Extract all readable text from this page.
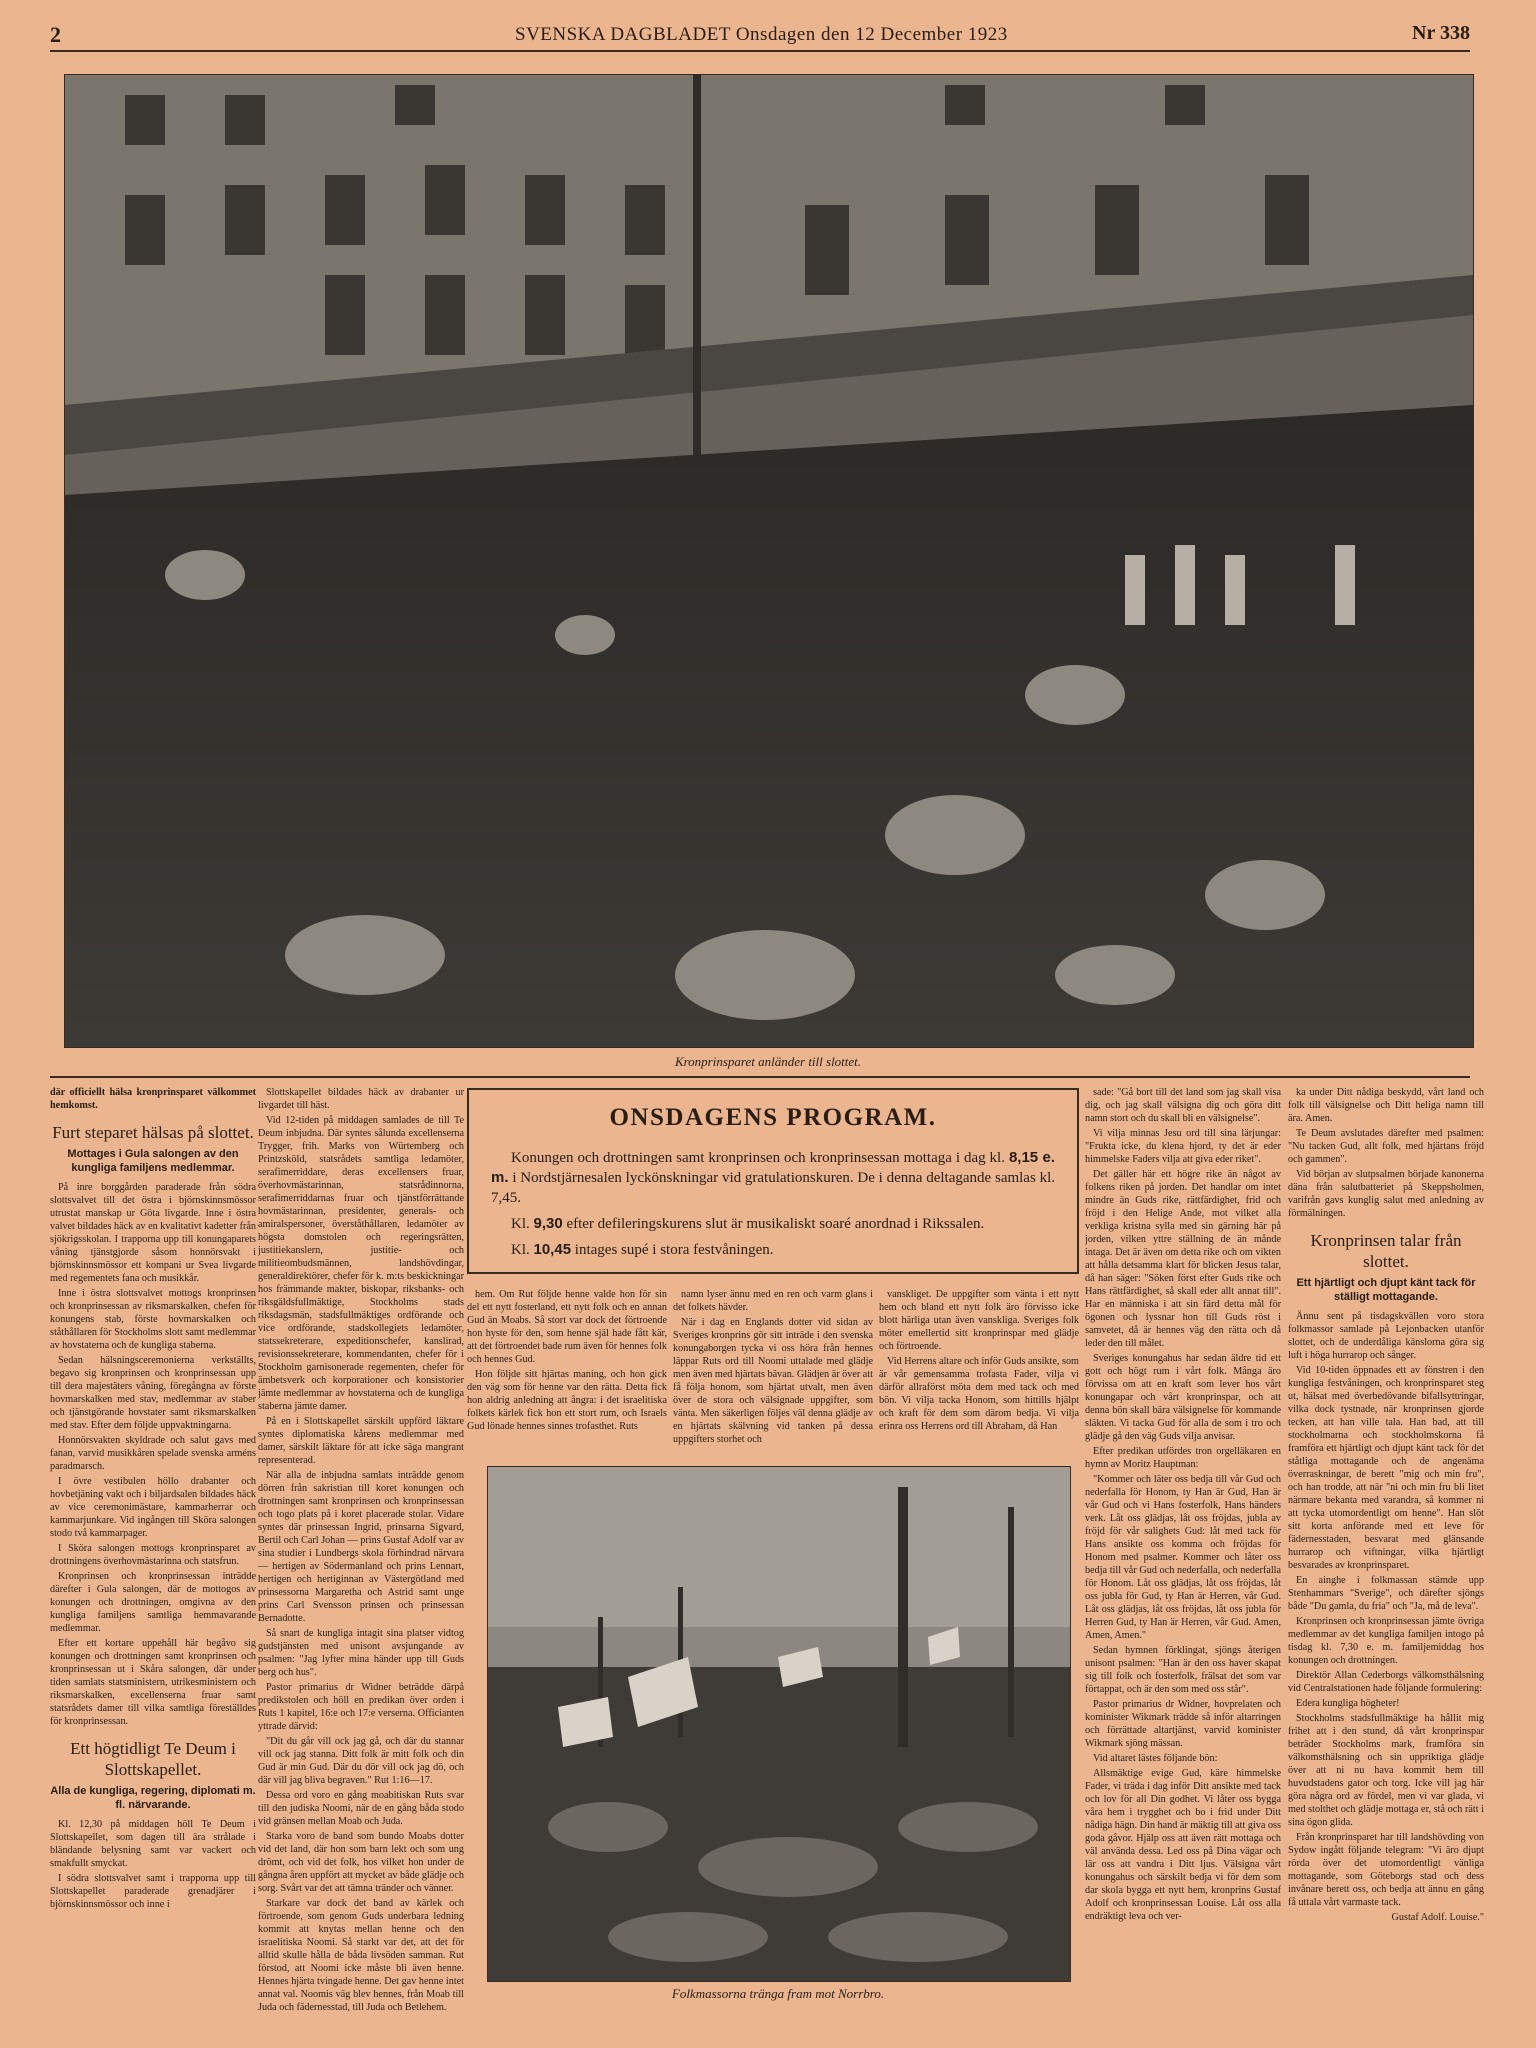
2	SVENSKA DAGBLADET Onsdagen den 12 December 1923	Nr 338
Kronprinsparet anländer till slottet.

där officiellt hälsa kronprinsparet välkommet hemkomst.

Furt steparet hälsas på slottet.
Mottages i Gula salongen av den kungliga familjens medlemmar.

På inre borggården paraderade från södra slottsvalvet till det östra i björnskinnsmössor utrustat manskap ur Göta livgarde. Inne i östra valvet bildades häck av en kvalitativt kadetter från sjökrigsskolan. I trapporna upp till konungaparets våning tjänstgjorde såsom honnörsvakt i björnskinnsmössor ett kompani ur Svea livgarde med regementets fana och musikkår.

Inne i östra slottsvalvet mottogs kronprinsen och kronprinsessan av riksmarskalken, chefen för konungens stab, förste hovmarskalken och ståthållaren för Stockholms slott samt medlemmar av hovstaterna och de kungliga staberna.

Sedan hälsningsceremonierna verkställts, begavo sig kronprinsen och kronprinsessan upp till dera majestäters våning, föregångna av förste hovmarskalken med stav, medlemmar av staber och tjänstgörande hovstater samt riksmarskalken med stav. Efter dem följde uppvaktningarna.

Honnörsvakten skyldrade och salut gavs med fanan, varvid musikkåren spelade svenska arméns paradmarsch.

I övre vestibulen höllo drabanter och hovbetjäning vakt och i biljardsalen bildades häck av vice ceremonimästare, kammarherrar och kammarjunkare. Vid ingången till Sköra salongen stodo två kammarpager.

I Sköra salongen mottogs kronprinsparet av drottningens överhovmästarinna och statsfrun.

Kronprinsen och kronprinsessan inträdde därefter i Gula salongen, där de mottogos av konungen och drottningen, omgivna av den kungliga familjens samtliga hemmavarande medlemmar.

Efter ett kortare uppehåll här begåvo sig konungen och drottningen samt kronprinsen och kronprinsessan ut i Skåra salongen, där under tiden samlats statsministern, utrikesministern och riksmarskalken, excellenserna fruar samt statsrådets damer till vilka samtliga föreställdes för kronprinsessan.

Ett högtidligt Te Deum i Slottskapellet.
Alla de kungliga, regering, diplomati m. fl. närvarande.

Kl. 12,30 på middagen höll Te Deum i Slottskapellet, som dagen till ära strålade i bländande belysning samt var vackert och smakfullt smyckat.

I södra slottsvalvet samt i trapporna upp till Slottskapellet paraderade grenadjärer i björnskinnsmössor och inne i

Slottskapellet bildades häck av drabanter ur livgardet till häst.

Vid 12-tiden på middagen samlades de till Te Deum inbjudna. Där syntes sålunda excellenserna Trygger, frih. Marks von Würtemberg och Printzsköld, statsrådets samtliga ledamöter, serafimerriddare, deras excellensers fruar, överhovmästarinnan, statsrådinnorna, serafimerriddarnas fruar och tjänstförrättande hovmästarinnan, presidenter, generals- och amiralspersoner, överståthållaren, ledamöter av högsta domstolen och regeringsrätten, justitiekanslern, justitie- och militieombudsmännen, landshövdingar, generaldirektörer, chefer för k. m:ts beskickningar hos främmande makter, biskopar, riksbanks- och riksgäldsfullmäktige, Stockholms stads riksdagsmän, stadsfullmäktiges ordförande och vice ordförande, stadskollegiets ledamöter, statssekreterare, expeditionschefer, kanslirad, revisionssekreterare, kommendanten, chefer för i Stockholm garnisonerade regementen, chefer för ämbetsverk och korporationer och konsistorier jämte medlemmar av hovstaterna och de kungliga staberna jämte damer.

På en i Slottskapellet särskilt uppförd läktare syntes diplomatiska kårens medlemmar med damer, särskilt läktare för att icke säga mangrant representerad.

När alla de inbjudna samlats inträdde genom dörren från sakristian till koret konungen och drottningen samt kronprinsen och kronprinsessan och togo plats på i koret placerade stolar. Vidare syntes där prinsessan Ingrid, prinsarna Sigvard, Bertil och Carl Johan — prins Gustaf Adolf var av sina studier i Lundbergs skola förhindrad närvara — hertigen av Södermanland och prins Lennart, hertigen och hertiginnan av Västergötland med prinsessorna Margaretha och Astrid samt unge prins Carl Svensson prinsen och prinsessan Bernadotte.

Så snart de kungliga intagit sina platser vidtog gudstjänsten med unisont avsjungande av psalmen: "Jag lyfter mina händer upp till Guds berg och hus".

Pastor primarius dr Widner beträdde därpå predikstolen och höll en predikan över orden i Ruts 1 kapitel, 16:e och 17:e verserna. Officianten yttrade därvid:

"Dit du går vill ock jag gå, och där du stannar vill ock jag stanna. Ditt folk är mitt folk och din Gud är min Gud. Där du dör vill ock jag dö, och där vill jag bliva begraven." Rut 1:16—17.

Dessa ord voro en gång moabitiskan Ruts svar till den judiska Noomi, när de en gång båda stodo vid gränsen mellan Moab och Juda.

Starka voro de band som bundo Moabs dotter vid det land, där hon som barn lekt och som ung drömt, och vid det folk, hos vilket hon under de gångna åren uppfört att mycket av både glädje och sorg. Svårt var det att tämna tränder och vänner.

Starkare var dock det band av kärlek och förtroende, som genom Guds underbara ledning kommit att knytas mellan henne och den israelitiska Noomi. Så starkt var det, att det för alltid skulle hålla de båda livsöden samman. Rut förstod, att Noomi icke måste bli även henne. Hennes hjärta tvingade henne. Det gav henne intet annat val. Noomis väg blev hennes, från Moab till Juda och fädernesstad, till Juda och Betlehem.

ONSDAGENS PROGRAM.

Konungen och drottningen samt kronprinsen och kronprinsessan mottaga i dag kl. 8,15 e. m. i Nordstjärnesalen lyckönskningar vid gratulationskuren. De i denna deltagande samlas kl. 7,45.

Kl. 9,30 efter defileringskurens slut är musikaliskt soaré anordnad i Rikssalen.

Kl. 10,45 intages supé i stora festvåningen.

hem. Om Rut följde henne valde hon för sin del ett nytt fosterland, ett nytt folk och en annan Gud än Moabs. Så stort var dock det förtroende hon hyste för den, som henne själ hade fått kär, att det förtroendet bade rum även för hennes folk och hennes Gud.

Hon följde sitt hjärtas maning, och hon gick den väg som för henne var den rätta. Detta fick hon aldrig anledning att ångra: i det israelitiska folkets kärlek fick hon ett stort rum, och Israels Gud lönade hennes sinnes trofasthet. Ruts

namn lyser ännu med en ren och varm glans i det folkets hävder.

När i dag en Englands dotter vid sidan av Sveriges kronprins gör sitt inträde i den svenska konungaborgen tycka vi oss höra från hennes läppar Ruts ord till Noomi uttalade med glädje men även med hjärtats bävan. Glädjen är över att få följa honom, som hjärtat utvalt, men även över de stora och välsignade uppgifter, som vänta. Men säkerligen följes väl denna glädje av en hjärtats skälvning vid tanken på dessa uppgifters storhet och

vanskliget. De uppgifter som vänta i ett nytt hem och bland ett nytt folk äro förvisso icke blott härliga utan även vanskliga. Sveriges folk möter emellertid sitt kronprinspar med glädje och förtroende.

Vid Herrens altare och inför Guds ansikte, som är vår gemensamma trofasta Fader, vilja vi därför allraförst möta dem med tack och med bön. Vi vilja tacka Honom, som hittills hjälpt och kraft för dem som därom bedja. Vi vilja erinra oss Herrens ord till Abraham, då Han

Folkmassorna tränga fram mot Norrbro.

sade: "Gå bort till det land som jag skall visa dig, och jag skall välsigna dig och göra ditt namn stort och du skall bli en välsignelse".

Vi vilja minnas Jesu ord till sina lärjungar: "Frukta icke, du klena hjord, ty det är eder himmelske Faders vilja att giva eder riket".

Det gäller här ett högre rike än något av folkens riken på jorden. Det handlar om intet mindre än Guds rike, rättfärdighet, frid och fröjd i den Helige Ande, mot vilket alla verkliga kristna sylla med sin gärning här på jorden, vilken yttre ställning de än månde intaga. Det är även om detta rike och om vikten att hålla detsamma klart för blicken Jesus talar, då han säger: "Söken först efter Guds rike och Hans rättfärdighet, så skall eder allt annat till". Har en människa i att sin färd detta mål för ögonen och lyssnar hon till Guds röst i samvetet, då är hennes väg den rätta och då leder den till målet.

Sveriges konungahus har sedan äldre tid ett gott och högt rum i vårt folk. Många äro förvissa om att en kraft som lever hos vårt konungapar och vårt kronprinspar, och att denna bön skall bära välsignelse för kommande släkten. Vi tacka Gud för alla de som i tro och glädje gå den väg Guds vilja anvisar.

Efter predikan utfördes tron orgelläkaren en hymn av Moritz Hauptman:

"Kommer och läter oss bedja till vår Gud och nederfalla för Honom, ty Han är Gud, Han är vår Gud och vi Hans fosterfolk, Hans händers verk. Låt oss glädjas, låt oss fröjdas, jubla av fröjd för vår salighets Gud: låt med tack för Hans ansikte oss komma och fröjdas för Honom med psalmer. Kommer och låter oss bedja till vår Gud och nederfalla, och nederfalla för Honom. Låt oss glädjas, låt oss fröjdas, låt oss jubla för Gud, ty Han är Herren, vår Gud. Låt oss glädjas, låt oss fröjdas, låt oss jubla för Herren Gud, ty Han är Herren, vår Gud. Amen, Amen, Amen."

Sedan hymnen förklingat, sjöngs återigen unisont psalmen: "Han är den oss haver skapat sig till folk och fosterfolk, frälsat det som var förtappat, och är den som med oss står".

Pastor primarius dr Widner, hovprelaten och kominister Wikmark trädde så inför altarringen och förrättade altartjänst, varvid kominister Wikmark sjöng mässan.

Vid altaret lästes följande bön:

Allsmäktige evige Gud, käre himmelske Fader, vi träda i dag inför Ditt ansikte med tack och lov för all Din godhet. Vi låter oss bygga våra hem i trygghet och bo i frid under Ditt nådiga hägn. Din hand är mäktig till att giva oss goda gåvor. Hjälp oss att även rätt mottaga och väl använda dessa. Led oss på Dina vägar och lär oss att vandra i Ditt ljus. Välsigna vårt konungahus och särskilt bedja vi för dem som dar skola bygga ett nytt hem, kronprins Gustaf Adolf och kronprinsessan Louise. Låt oss alla endräktigt leva och ver-

ka under Ditt nådiga beskydd, vårt land och folk till välsignelse och Ditt heliga namn till ära. Amen.

Te Deum avslutades därefter med psalmen: "Nu tacken Gud, allt folk, med hjärtans fröjd och gammen".

Vid början av slutpsalmen började kanonerna däna från salutbatteriet på Skeppsholmen, varifrån gavs kunglig salut med anledning av förmälningen.

Kronprinsen talar från slottet.
Ett hjärtligt och djupt känt tack för ställigt mottagande.

Ännu sent på tisdagskvällen voro stora folkmassor samlade på Lejonbacken utanför slottet, och de underdåliga känslorna göra sig luft i höga hurrarop och sånger.

Vid 10-tiden öppnades ett av fönstren i den kungliga festvåningen, och kronprinsparet steg ut, hälsat med överbedövande bifallsyttringar, vilka dock tystnade, när kronprinsen gjorde tecken, att han ville tala. Han bad, att till stockholmarna och stockholmskorna få framföra ett hjärtligt och djupt känt tack för det ståtliga mottagande och de angenäma överraskningar, de berett "mig och min fru", och han trodde, att när "ni och min fru bli litet närmare bekanta med varandra, så kommer ni att tycka utomordentligt om henne". Han slöt sitt korta anförande med ett leve för fädernesstaden, besvarat med glänsande hurrarop och viftningar, vilka hjärtligt besvarades av kronprinsparet.

En ainghe i folkmassan stämde upp Stenhammars "Sverige", och därefter sjöngs både "Du gamla, du fria" och "Ja, må de leva".

Kronprinsen och kronprinsessan jämte övriga medlemmar av det kungliga familjen intogo på tisdag kl. 7,30 e. m. familjemiddag hos konungen och drottningen.

Direktör Allan Cederborgs välkomsthälsning vid Centralstationen hade följande formulering:

Edera kungliga högheter!

Stockholms stadsfullmäktige ha hållit mig frihet att i den stund, då vårt kronprinspar beträder Stockholms mark, framföra sin välkomsthälsning och sin uppriktiga glädje över att ni nu hava kommit hem till huvudstadens gator och torg. Icke vill jag här göra några ord av fördel, men vi var glada, vi med stolthet och glädje mottaga er, stå och rätt i sina ögon glida.

Från kronprinsparet har till landshövding von Sydow ingått följande telegram: "Vi äro djupt rörda över det utomordentligt vänliga mottagande, som Göteborgs stad och dess invånare berett oss, och bedja att ännu en gång få uttala vårt varmaste tack.

Gustaf Adolf. Louise."
